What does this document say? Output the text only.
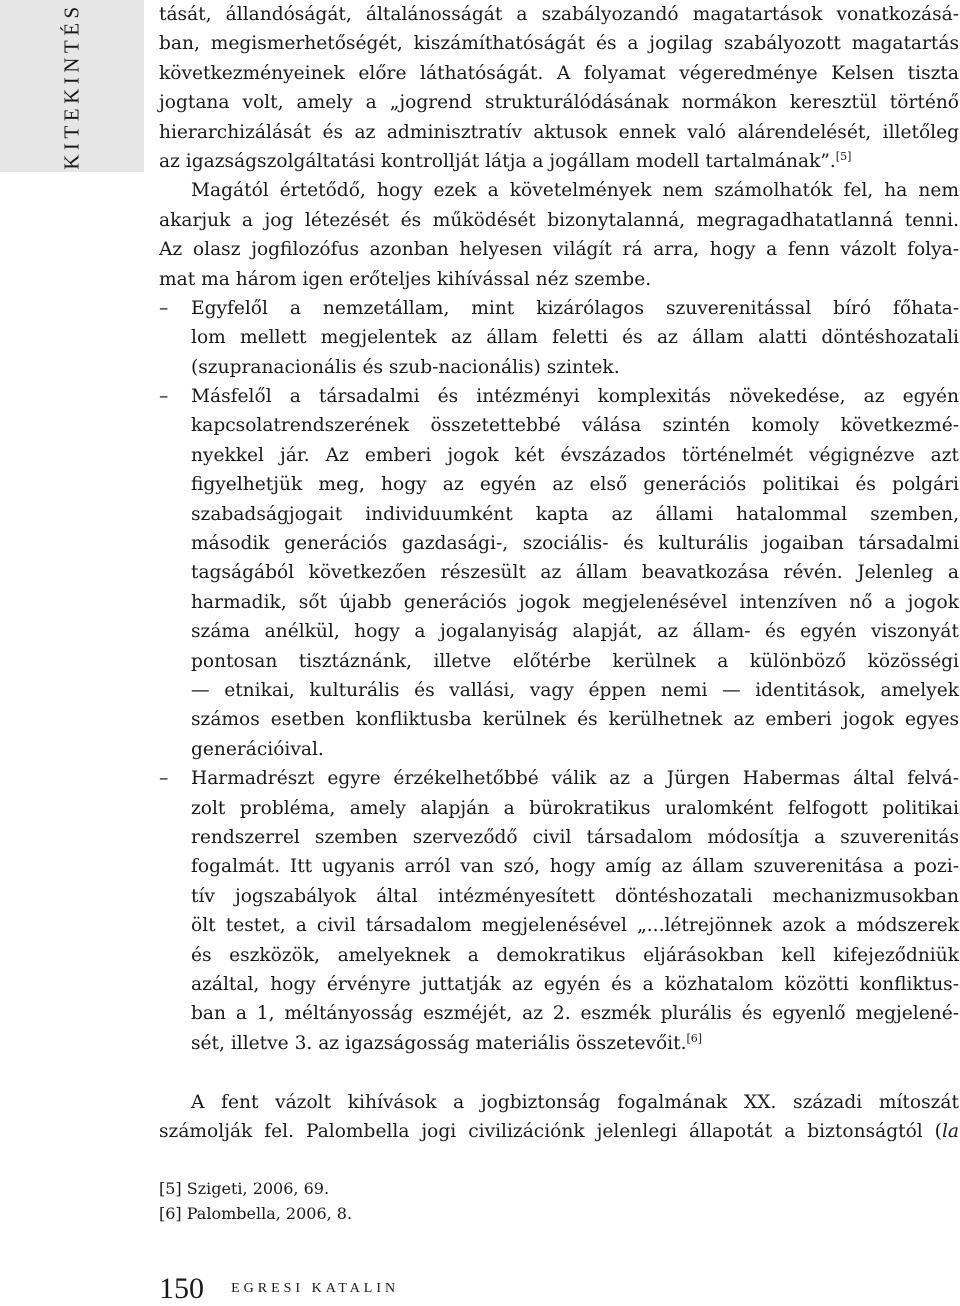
KITEKINTÉS	tását, állandóságát, általánosságát a szabályozandó magatartások vonatkozásá-
ban, megismerhetőségét, kiszámíthatóságát és a jogilag szabályozott magatartás
következményeinek előre láthatóságát. A folyamat végeredménye Kelsen tiszta
jogtana volt, amely a „jogrend strukturálódásának normákon keresztül történő
hierarchizálását és az adminisztratív aktusok ennek való alárendelését, illetőleg
az igazságszolgáltatási kontrollját látja a jogállam modell tartalmának”.[5]
Magától értetődő, hogy ezek a követelmények nem számolhatók fel, ha nem
akarjuk a jog létezését és működését bizonytalanná, megragadhatatlanná tenni.
Az olasz jogfilozófus azonban helyesen világít rá arra, hogy a fenn vázolt folya-
mat ma három igen erőteljes kihívással néz szembe.
– Egyfelől a nemzetállam, mint kizárólagos szuverenitással bíró főhata-
lom mellett megjelentek az állam feletti és az állam alatti döntéshozatali
(szupranacionális és szub-nacionális) szintek.
– Másfelől a társadalmi és intézményi komplexitás növekedése, az egyén
kapcsolatrendszerének összetettebbé válása szintén komoly következmé-
nyekkel jár. Az emberi jogok két évszázados történelmét végignézve azt
figyelhetjük meg, hogy az egyén az első generációs politikai és polgári
szabadságjogait individuumként kapta az állami hatalommal szemben,
második generációs gazdasági-, szociális- és kulturális jogaiban társadalmi
tagságából következően részesült az állam beavatkozása révén. Jelenleg a
harmadik, sőt újabb generációs jogok megjelenésével intenzíven nő a jogok
száma anélkül, hogy a jogalanyiság alapját, az állam- és egyén viszonyát
pontosan tisztáznánk, illetve előtérbe kerülnek a különböző közösségi
— etnikai, kulturális és vallási, vagy éppen nemi — identitások, amelyek
számos esetben konfliktusba kerülnek és kerülhetnek az emberi jogok egyes
generációival.
– Harmadrészt egyre érzékelhetőbbé válik az a Jürgen Habermas által felvá-
zolt probléma, amely alapján a bürokratikus uralomként felfogott politikai
rendszerrel szemben szerveződő civil társadalom módosítja a szuverenitás
fogalmát. Itt ugyanis arról van szó, hogy amíg az állam szuverenitása a pozi-
tív jogszabályok által intézményesített döntéshozatali mechanizmusokban
ölt testet, a civil társadalom megjelenésével „...létrejönnek azok a módszerek
és eszközök, amelyeknek a demokratikus eljárásokban kell kifejeződniük
azáltal, hogy érvényre juttatják az egyén és a közhatalom közötti konfliktus-
ban a 1, méltányosság eszméjét, az 2. eszmék plurális és egyenlő megjelené-
sét, illetve 3. az igazságosság materiális összetevőit.[6]
A fent vázolt kihívások a jogbiztonság fogalmának XX. századi mítoszát
számolják fel. Palombella jogi civilizációnk jelenlegi állapotát a biztonságtól (la
[5] Szigeti, 2006, 69.
[6] Palombella, 2006, 8.
150 EGRESI KATALIN
